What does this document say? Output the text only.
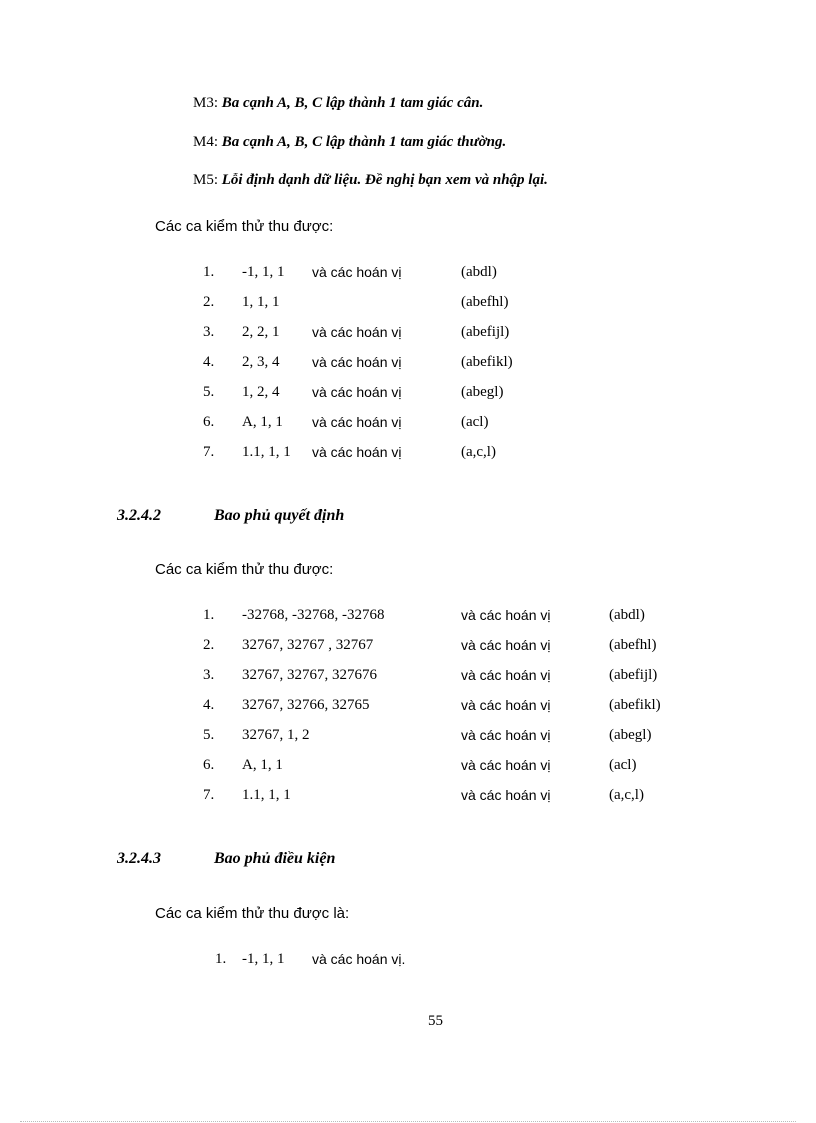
M3: Ba cạnh A, B, C lập thành 1 tam giác cân.
M4: Ba cạnh A, B, C lập thành 1 tam giác thường.
M5: Lỗi định dạnh dữ liệu. Đề nghị bạn xem và nhập lại.
Các ca kiểm thử thu được:
1. -1, 1, 1 và các hoán vị	(abdl)
2. 1, 1, 1	(abefhl)
3. 2, 2, 1 và các hoán vị	(abefijl)
4. 2, 3, 4 và các hoán vị	(abefikl)
5. 1, 2, 4 và các hoán vị	(abegl)
6. A, 1, 1 và các hoán vị	(acl)
7. 1.1, 1, 1 và các hoán vị	(a,c,l)
3.2.4.2	Bao phủ quyết định
Các ca kiểm thử thu được:
1. -32768, -32768, -32768	và các hoán vị	(abdl)
2. 32767, 32767 , 32767	và các hoán vị	(abefhl)
3. 32767, 32767, 327676	và các hoán vị	(abefijl)
4. 32767, 32766, 32765	và các hoán vị	(abefikl)
5. 32767, 1, 2	và các hoán vị	(abegl)
6. A, 1, 1	và các hoán vị	(acl)
7. 1.1, 1, 1	và các hoán vị	(a,c,l)
3.2.4.3	Bao phủ điều kiện
Các ca kiểm thử thu được là:
1. -1, 1, 1 và các hoán vị.
55
